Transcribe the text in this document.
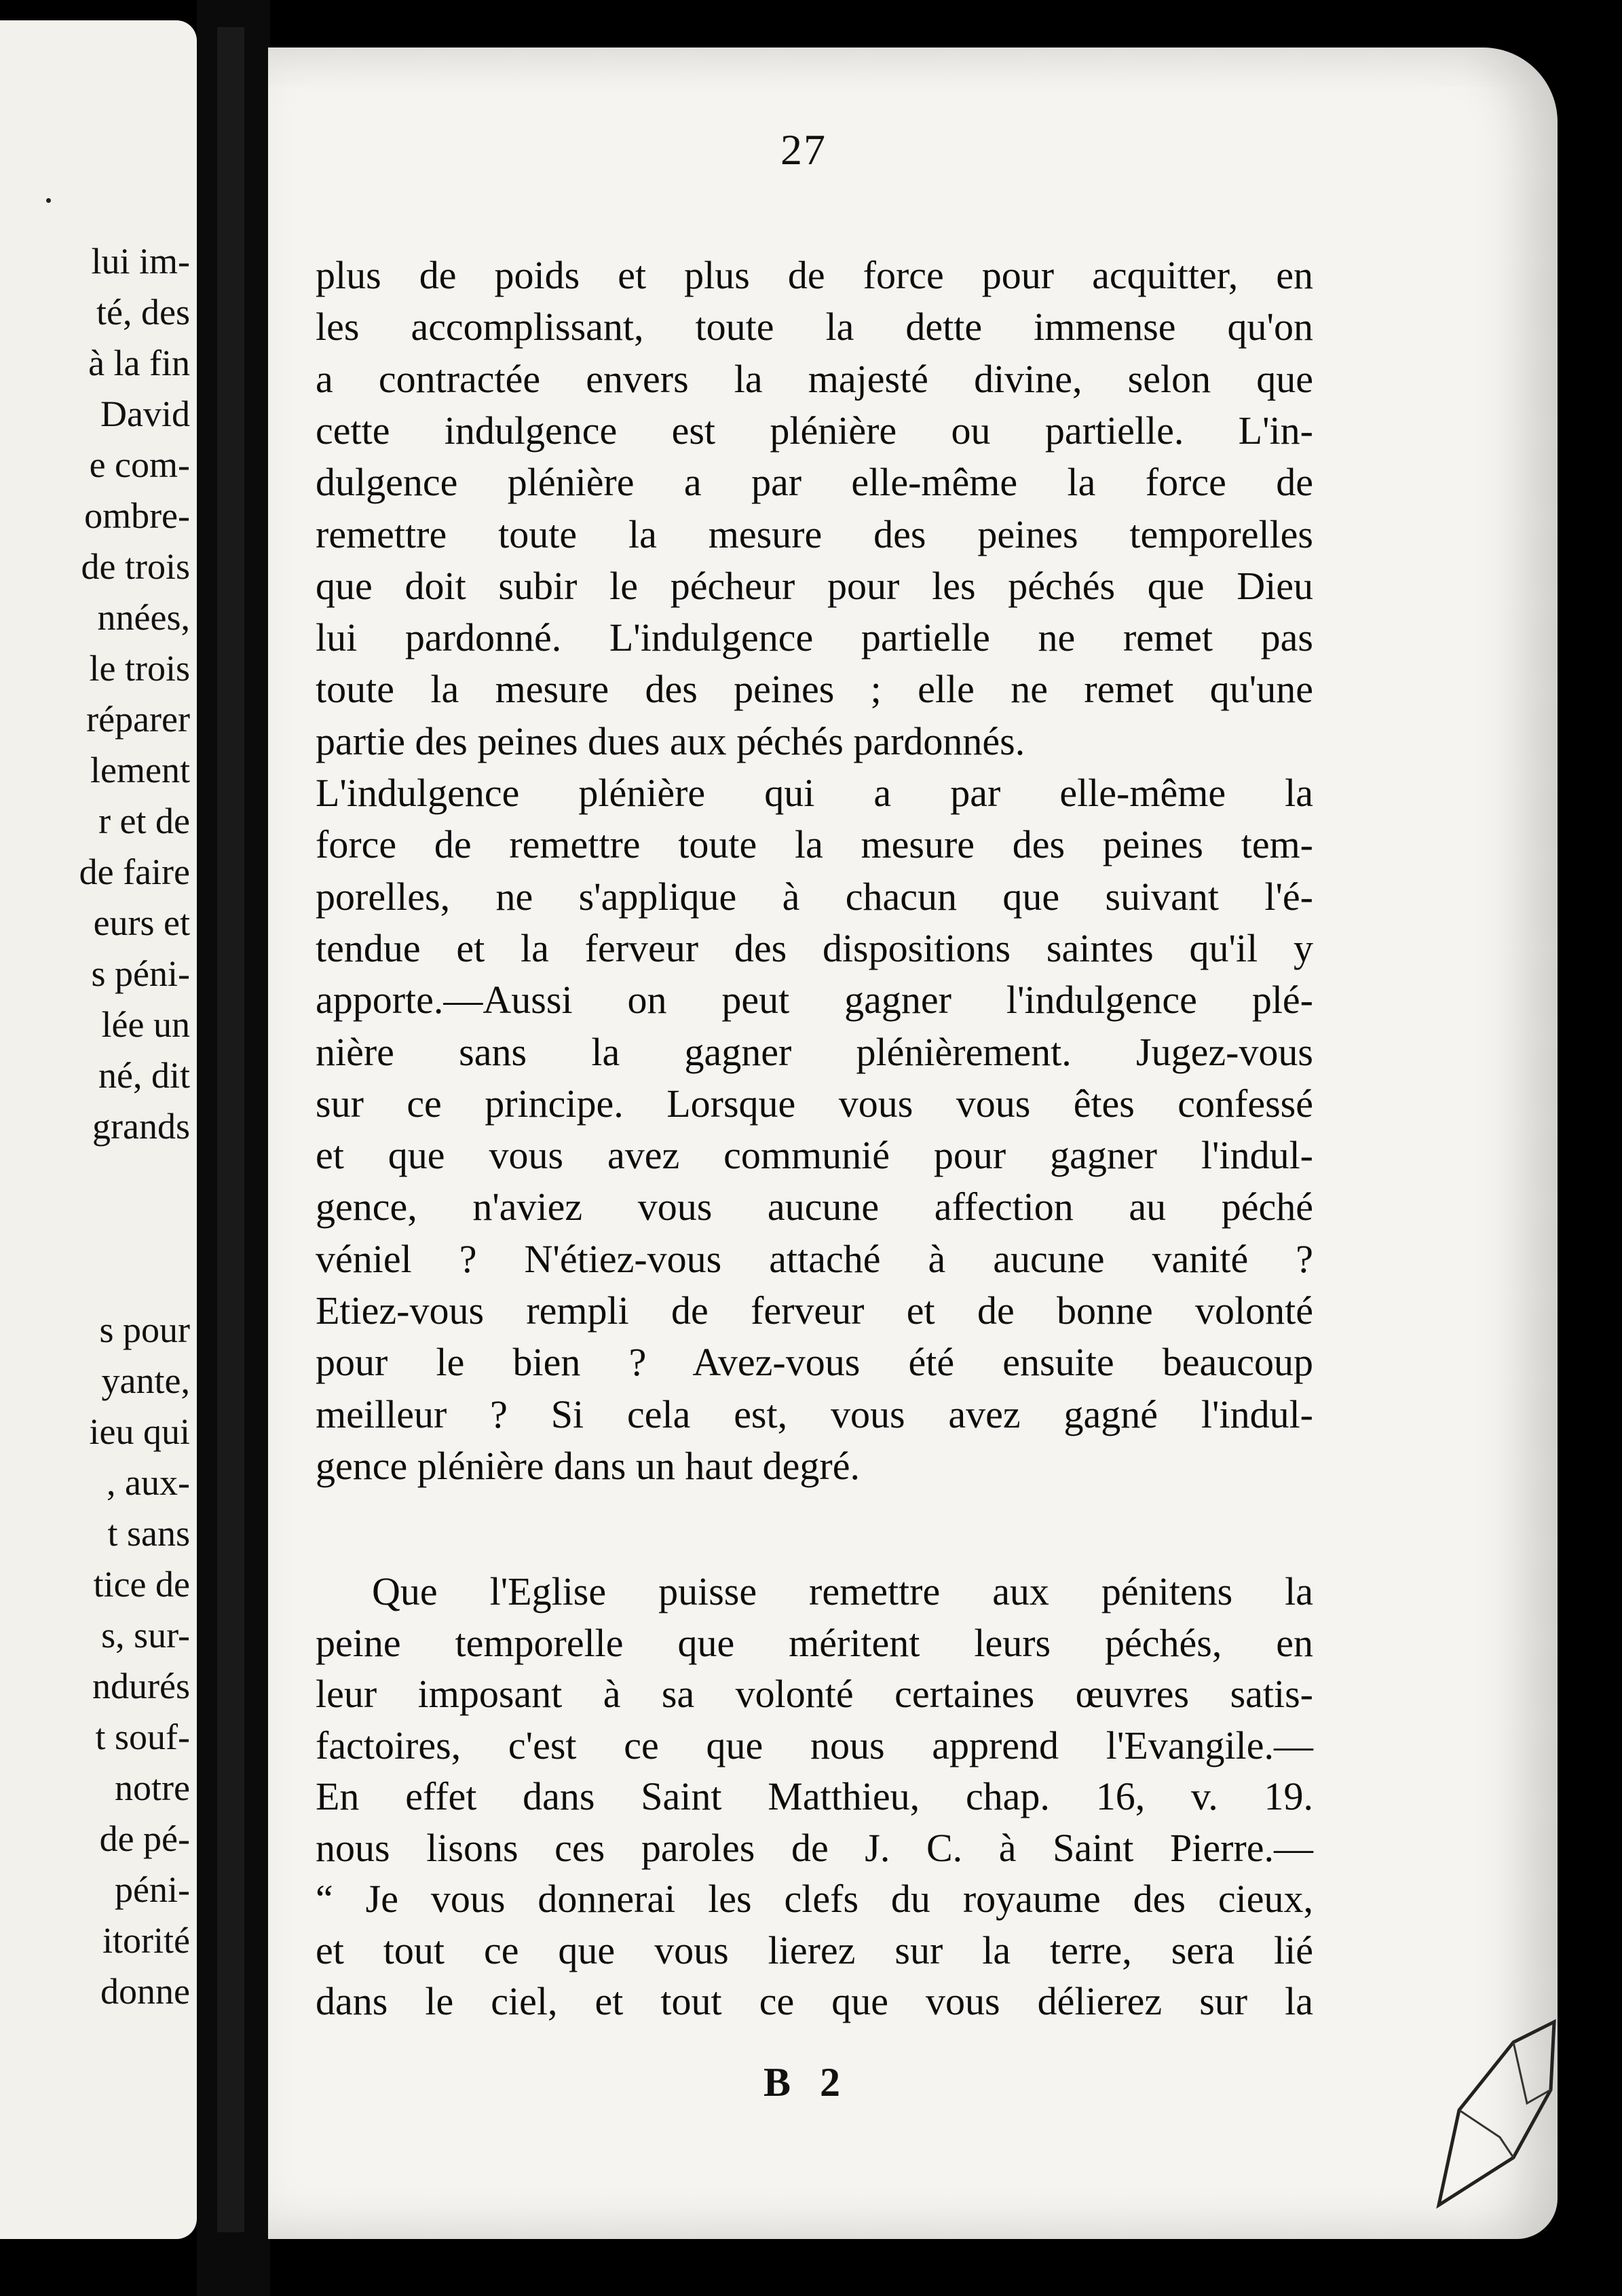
lui im-
té, des
à la fin
David
e com-
ombre-
de trois
nnées,
le trois
réparer
lement
r et de
de faire
eurs et
s péni-
lée un
né, dit
grands
s pour
yante,
ieu qui
, aux-
t sans
tice de
s, sur-
ndurés
t souf-
notre
de pé-
péni-
itorité
donne
27
plus de poids et plus de force pour acquitter, en
les accomplissant, toute la dette immense qu'on
a contractée envers la majesté divine, selon que
cette indulgence est plénière ou partielle. L'in-
dulgence plénière a par elle-même la force de
remettre toute la mesure des peines temporelles
que doit subir le pécheur pour les péchés que Dieu
lui pardonné. L'indulgence partielle ne remet pas
toute la mesure des peines ; elle ne remet qu'une
partie des peines dues aux péchés pardonnés.
L'indulgence plénière qui a par elle-même la
force de remettre toute la mesure des peines tem-
porelles, ne s'applique à chacun que suivant l'é-
tendue et la ferveur des dispositions saintes qu'il y
apporte.—Aussi on peut gagner l'indulgence plé-
nière sans la gagner plénièrement. Jugez-vous
sur ce principe. Lorsque vous vous êtes confessé
et que vous avez communié pour gagner l'indul-
gence, n'aviez vous aucune affection au péché
véniel ? N'étiez-vous attaché à aucune vanité ?
Etiez-vous rempli de ferveur et de bonne volonté
pour le bien ? Avez-vous été ensuite beaucoup
meilleur ? Si cela est, vous avez gagné l'indul-
gence plénière dans un haut degré.
Que l'Eglise puisse remettre aux pénitens la
peine temporelle que méritent leurs péchés, en
leur imposant à sa volonté certaines œuvres satis-
factoires, c'est ce que nous apprend l'Evangile.—
En effet dans Saint Matthieu, chap. 16, v. 19.
nous lisons ces paroles de J. C. à Saint Pierre.—
“ Je vous donnerai les clefs du royaume des cieux,
et tout ce que vous lierez sur la terre, sera lié
dans le ciel, et tout ce que vous délierez sur la
B 2
